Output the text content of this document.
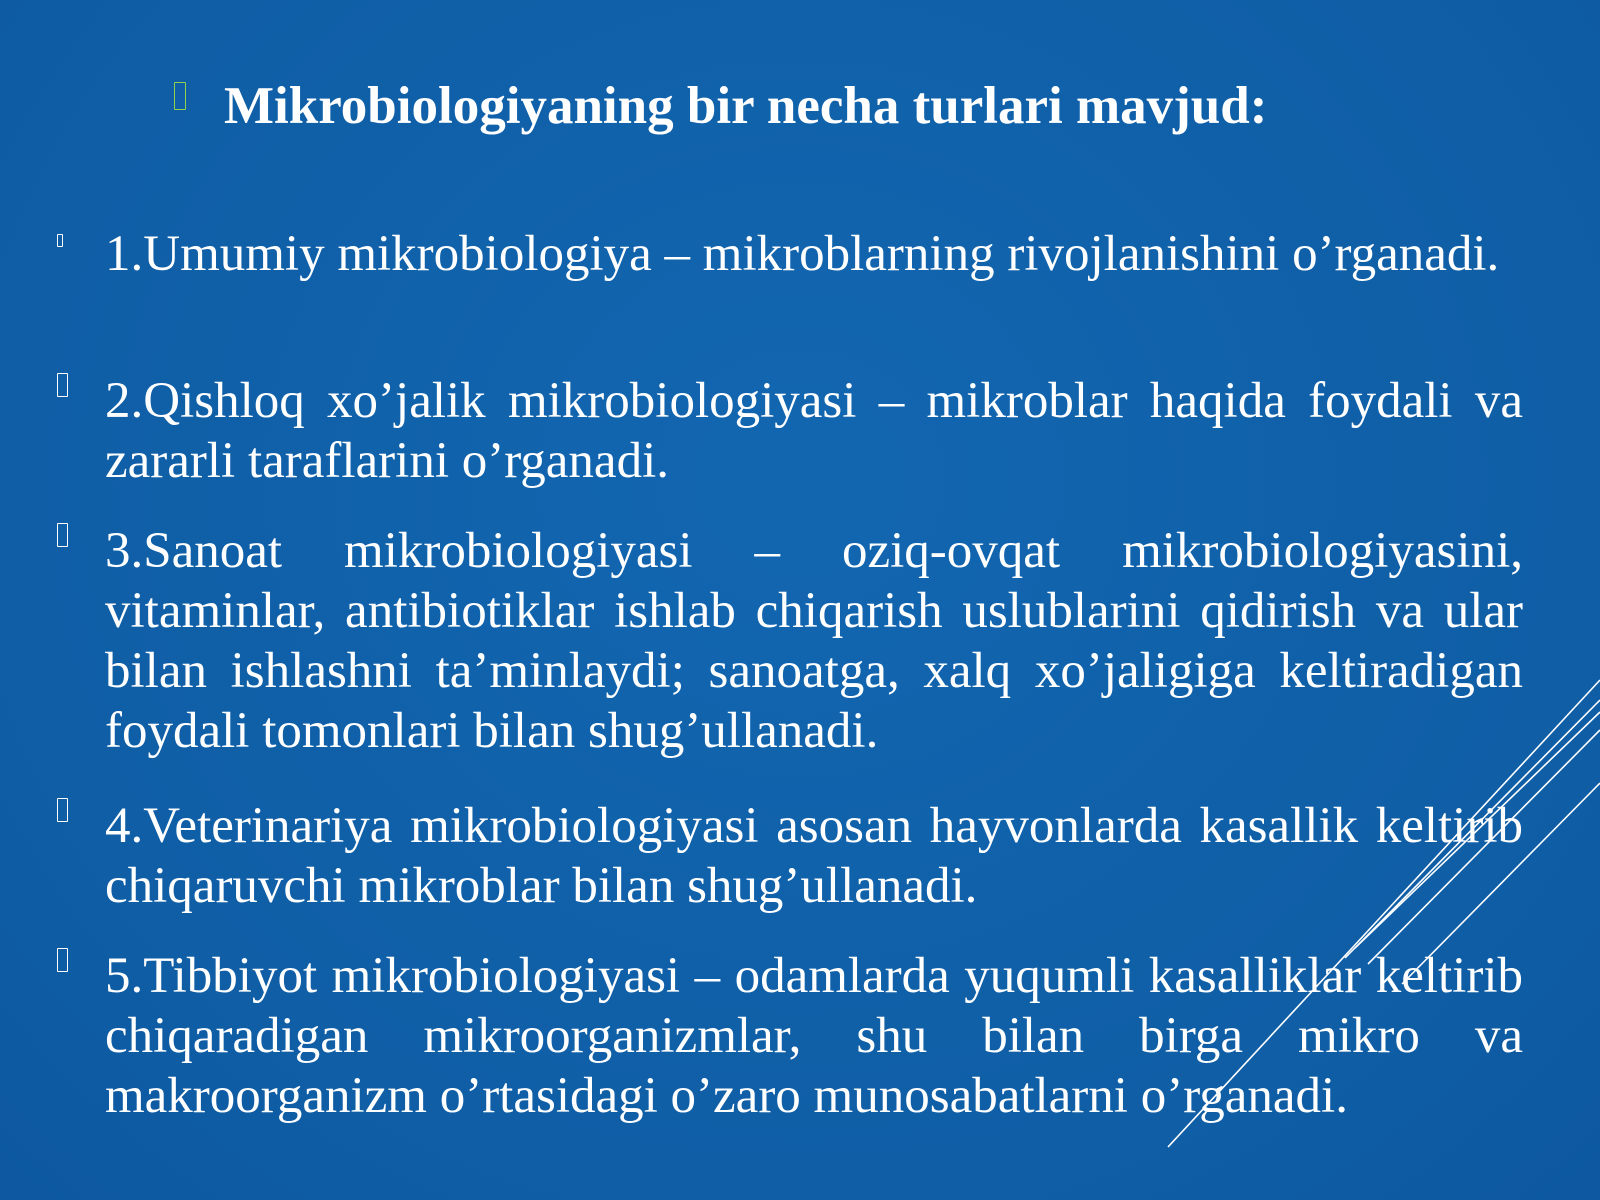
Mikrobiologiyaning bir necha turlari mavjud:

1.Umumiy mikrobiologiya – mikroblarning rivojlanishini o’rganadi.

2.Qishloq xo’jalik mikrobiologiyasi – mikroblar haqida foydali va zararli taraflarini o’rganadi.

3.Sanoat mikrobiologiyasi – oziq-ovqat mikrobiologiyasini, vitaminlar, antibiotiklar ishlab chiqarish uslublarini qidirish va ular bilan ishlashni ta’minlaydi; sanoatga, xalq xo’jaligiga keltiradigan foydali tomonlari bilan shug’ullanadi.

4.Veterinariya mikrobiologiyasi asosan hayvonlarda kasallik keltirib chiqaruvchi mikroblar bilan shug’ullanadi.

5.Tibbiyot mikrobiologiyasi – odamlarda yuqumli kasalliklar keltirib chiqaradigan mikroorganizmlar, shu bilan birga mikro va makroorganizm o’rtasidagi o’zaro munosabatlarni o’rganadi.
